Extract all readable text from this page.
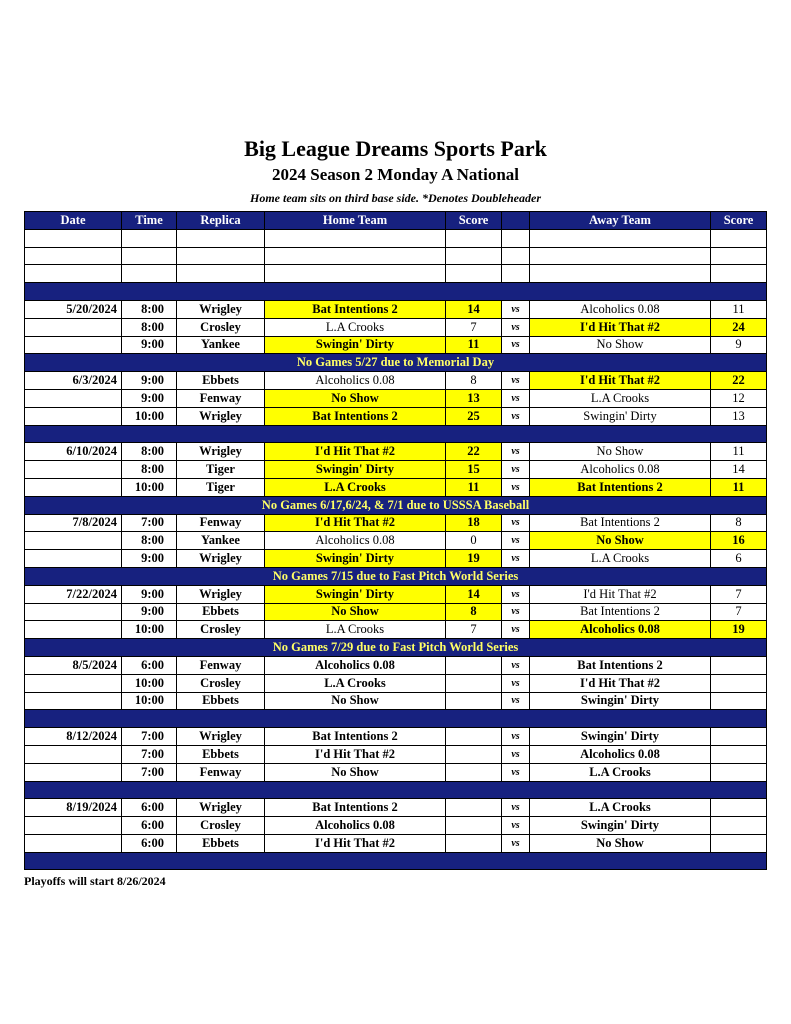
Big League Dreams Sports Park
2024 Season 2 Monday A National
Home team sits on third base side. *Denotes Doubleheader
Date	Time	Replica	Home Team	Score		Away Team	Score

5/20/2024	8:00	Wrigley	Bat Intentions 2	14	vs	Alcoholics 0.08	11
	8:00	Crosley	L.A Crooks	7	vs	I'd Hit That #2	24
	9:00	Yankee	Swingin' Dirty	11	vs	No Show	9
No Games 5/27 due to Memorial Day							
6/3/2024	9:00	Ebbets	Alcoholics 0.08	8	vs	I'd Hit That #2	22
	9:00	Fenway	No Show	13	vs	L.A Crooks	12
	10:00	Wrigley	Bat Intentions 2	25	vs	Swingin' Dirty	13

6/10/2024	8:00	Wrigley	I'd Hit That #2	22	vs	No Show	11
	8:00	Tiger	Swingin' Dirty	15	vs	Alcoholics 0.08	14
	10:00	Tiger	L.A Crooks	11	vs	Bat Intentions 2	11
No Games 6/17,6/24, & 7/1 due to USSSA Baseball							
7/8/2024	7:00	Fenway	I'd Hit That #2	18	vs	Bat Intentions 2	8
	8:00	Yankee	Alcoholics 0.08	0	vs	No Show	16
	9:00	Wrigley	Swingin' Dirty	19	vs	L.A Crooks	6
No Games 7/15 due to Fast Pitch World Series							
7/22/2024	9:00	Wrigley	Swingin' Dirty	14	vs	I'd Hit That #2	7
	9:00	Ebbets	No Show	8	vs	Bat Intentions 2	7
	10:00	Crosley	L.A Crooks	7	vs	Alcoholics 0.08	19
No Games 7/29 due to Fast Pitch World Series							
8/5/2024	6:00	Fenway	Alcoholics 0.08		vs	Bat Intentions 2	
	10:00	Crosley	L.A Crooks		vs	I'd Hit That #2	
	10:00	Ebbets	No Show		vs	Swingin' Dirty	

8/12/2024	7:00	Wrigley	Bat Intentions 2		vs	Swingin' Dirty	
	7:00	Ebbets	I'd Hit That #2		vs	Alcoholics 0.08	
	7:00	Fenway	No Show		vs	L.A Crooks	

8/19/2024	6:00	Wrigley	Bat Intentions 2		vs	L.A Crooks	
	6:00	Crosley	Alcoholics 0.08		vs	Swingin' Dirty	
	6:00	Ebbets	I'd Hit That #2		vs	No Show	

Playoffs will start 8/26/2024
